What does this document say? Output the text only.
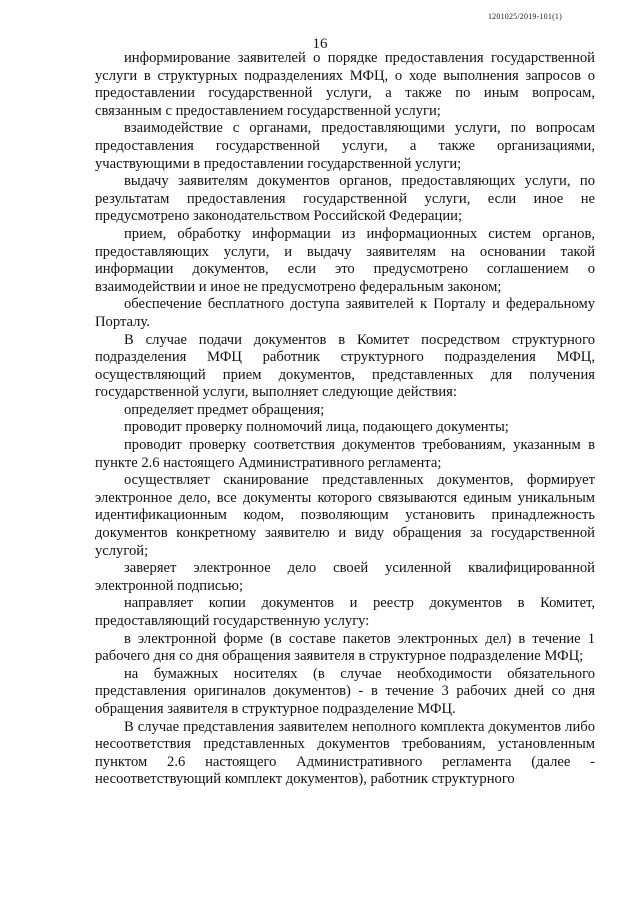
1201025/2019-101(1)
16

информирование заявителей о порядке предоставления государственной услуги в структурных подразделениях МФЦ, о ходе выполнения запросов о предоставлении государственной услуги, а также по иным вопросам, связанным с предоставлением государственной услуги;

взаимодействие с органами, предоставляющими услуги, по вопросам предоставления государственной услуги, а также организациями, участвующими в предоставлении государственной услуги;

выдачу заявителям документов органов, предоставляющих услуги, по результатам предоставления государственной услуги, если иное не предусмотрено законодательством Российской Федерации;

прием, обработку информации из информационных систем органов, предоставляющих услуги, и выдачу заявителям на основании такой информации документов, если это предусмотрено соглашением о взаимодействии и иное не предусмотрено федеральным законом;

обеспечение бесплатного доступа заявителей к Порталу и федеральному Порталу.

В случае подачи документов в Комитет посредством структурного подразделения МФЦ работник структурного подразделения МФЦ, осуществляющий прием документов, представленных для получения государственной услуги, выполняет следующие действия:

определяет предмет обращения;

проводит проверку полномочий лица, подающего документы;

проводит проверку соответствия документов требованиям, указанным в пункте 2.6 настоящего Административного регламента;

осуществляет сканирование представленных документов, формирует электронное дело, все документы которого связываются единым уникальным идентификационным кодом, позволяющим установить принадлежность документов конкретному заявителю и виду обращения за государственной услугой;

заверяет электронное дело своей усиленной квалифицированной электронной подписью;

направляет копии документов и реестр документов в Комитет, предоставляющий государственную услугу:

в электронной форме (в составе пакетов электронных дел) в течение 1 рабочего дня со дня обращения заявителя в структурное подразделение МФЦ;

на бумажных носителях (в случае необходимости обязательного представления оригиналов документов) - в течение 3 рабочих дней со дня обращения заявителя в структурное подразделение МФЦ.

В случае представления заявителем неполного комплекта документов либо несоответствия представленных документов требованиям, установленным пунктом 2.6 настоящего Административного регламента (далее - несоответствующий комплект документов), работник структурного
